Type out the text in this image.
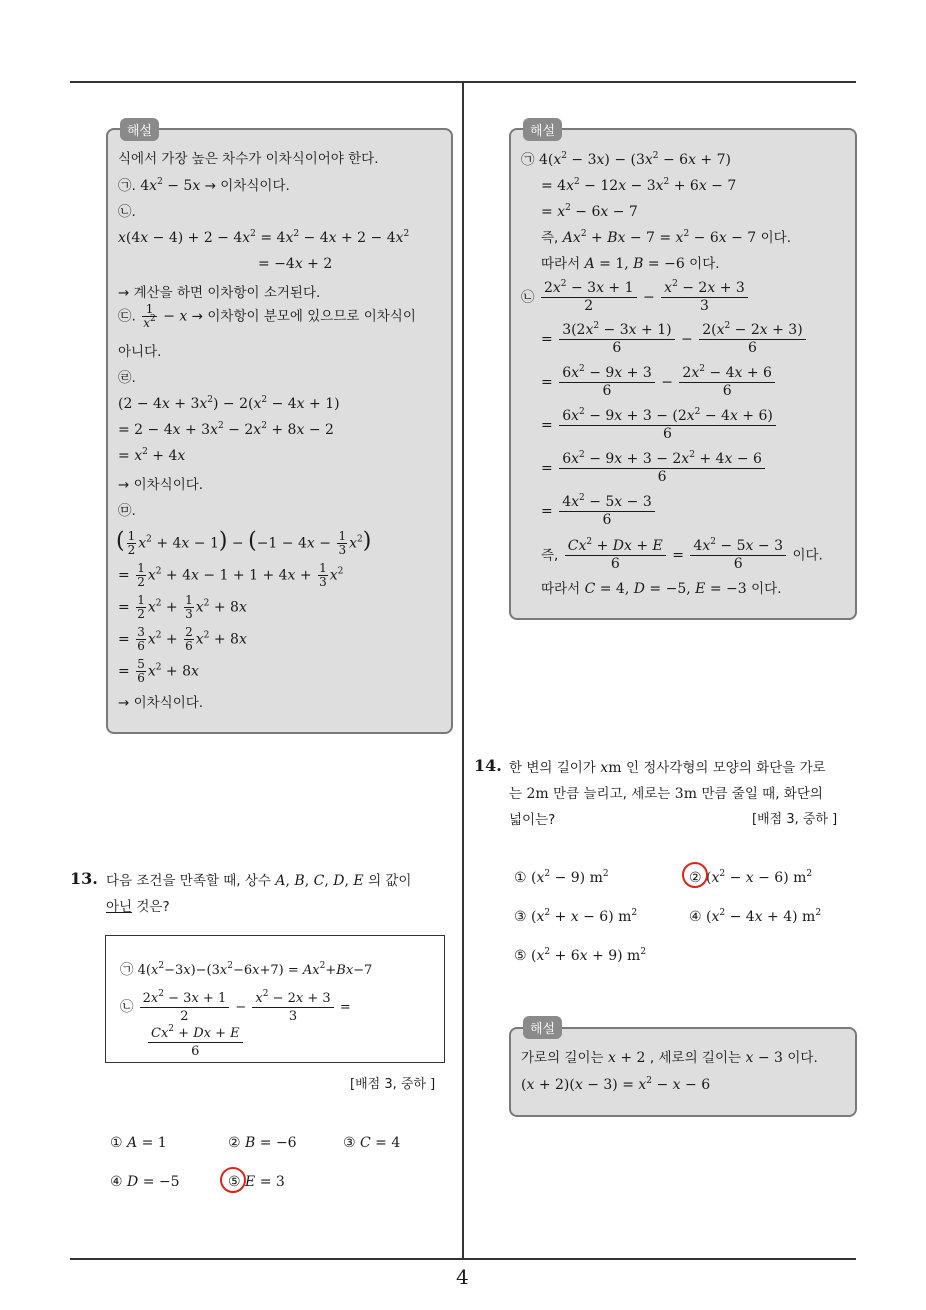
4
해설
식에서 가장 높은 차수가 이차식이어야 한다.
㉠. $4x^2 - 5x$ → 이차식이다.
㉡.
$x(4x - 4) + 2 - 4x^2 = 4x^2 - 4x + 2 - 4x^2$
= −4x + 2
→ 계산을 하면 이차항이 소거된다.
㉢. $\frac{1}{x^2} - x$ → 이차항이 분모에 있으므로 이차식이
아니다.
㉣.
$(2 - 4x + 3x^2) - 2(x^2 - 4x + 1)$
= $2 - 4x + 3x^2 - 2x^2 + 8x - 2$
= $x^2 + 4x$
→ 이차식이다.
㉤.
( $\frac{1}{2} x^2 + 4x - 1) - (-1 - 4x - \frac{1}{3} x^2)$
= $\frac{1}{2} x^2 + 4x - 1 + 1 + 4x + \frac{1}{3} x^2$
= $\frac{1}{2} x^2 + \frac{1}{3} x^2 + 8x$
= $\frac{3}{6} x^2 + \frac{2}{6} x^2 + 8x$
= $\frac{5}{6} x^2 + 8x$
→ 이차식이다.
해설
㉠ $4(x^2 - 3x) - (3x^2 - 6x + 7)$
= $4x^2 - 12x - 3x^2 + 6x - 7$
= $x^2 - 6x - 7$
즉, $Ax^2 + Bx - 7 = x^2 - 6x - 7$ 이다.
따라서 A = 1, B = −6 이다.
㉡ $\frac{2x^2 - 3x + 1}{2} - \frac{x^2 - 2x + 3}{3}$
= $\frac{3(2x^2 - 3x + 1)}{6} - \frac{2(x^2 - 2x + 3)}{6}$
= $\frac{6x^2 - 9x + 3}{6} - \frac{2x^2 - 4x + 6}{6}$
= $\frac{6x^2 - 9x + 3 - (2x^2 - 4x + 6)}{6}$
= $\frac{6x^2 - 9x + 3 - 2x^2 + 4x - 6}{6}$
= $\frac{4x^2 - 5x - 3}{6}$
즉, $\frac{Cx^2 + Dx + E}{6} = \frac{4x^2 - 5x - 3}{6}$ 이다.
따라서 C = 4, D = −5, E = −3 이다.
13. 다음 조건을 만족할 때, 상수 A, B, C, D, E 의 값이
아닌 것은?
㉠ $4(x^2-3x)-(3x^2-6x+7) = Ax^2+Bx-7$
㉡ $\frac{2x^2 - 3x + 1}{2} - \frac{x^2 - 2x + 3}{3}$ =
$\frac{Cx^2 + Dx + E}{6}$
[배점 3, 중하 ]
① A = 1	② B = −6	③ C = 4
④ D = −5	⑤ E = 3
14. 한 변의 길이가 xm 인 정사각형의 모양의 화단을 가로
는 2m 만큼 늘리고, 세로는 3m 만큼 줄일 때, 화단의
넓이는?	[배점 3, 중하 ]
① $(x^2 - 9)$ $m^2$	② $(x^2 - x - 6)$ $m^2$
③ $(x^2 + x - 6)$ $m^2$	④ $(x^2 - 4x + 4)$ $m^2$
⑤ $(x^2 + 6x + 9)$ $m^2$
해설
가로의 길이는 x + 2 , 세로의 길이는 x − 3 이다.
$(x + 2)(x - 3) = x^2 - x - 6$
